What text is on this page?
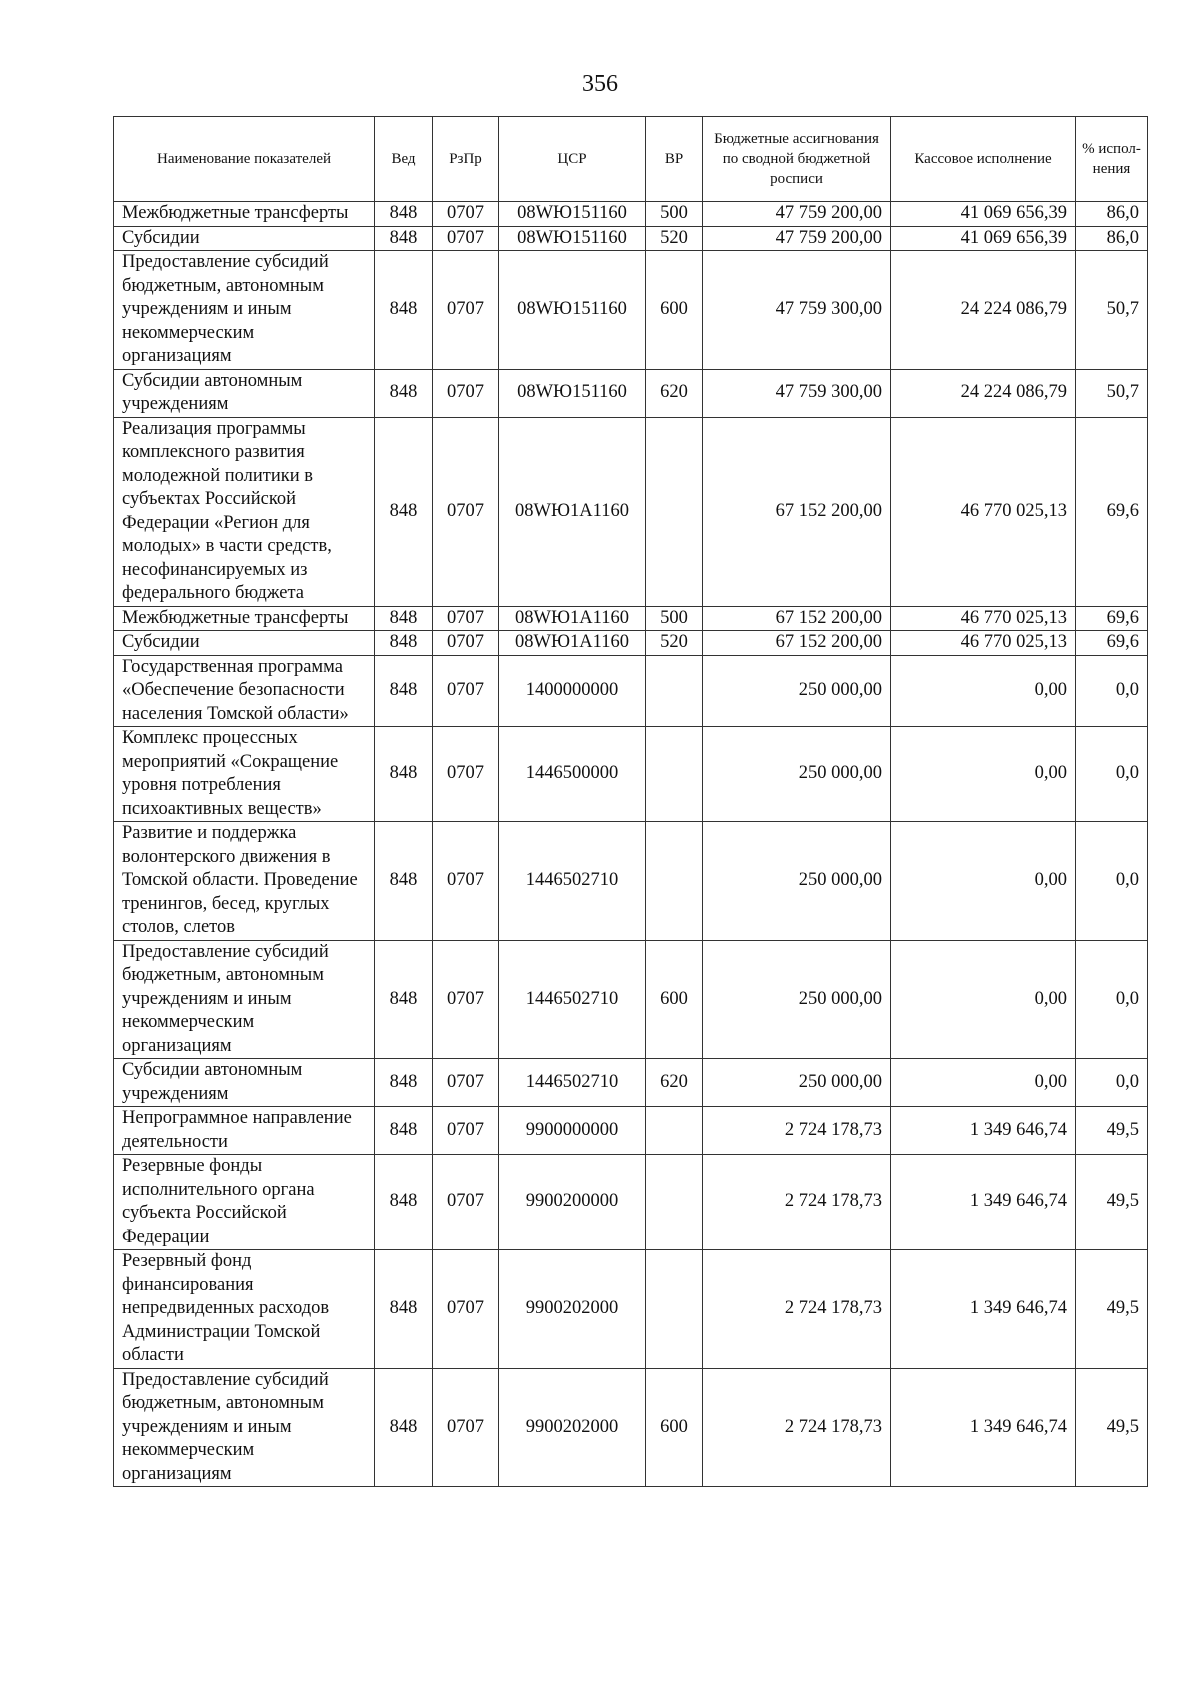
356
Наименование показателей	Вед	РзПр	ЦСР	ВР	Бюджетные ассигнования по сводной бюджетной росписи	Кассовое исполнение	% испол-нения
Межбюджетные трансферты	848	0707	08WЮ151160	500	47 759 200,00	41 069 656,39	86,0
Субсидии	848	0707	08WЮ151160	520	47 759 200,00	41 069 656,39	86,0
Предоставление субсидий бюджетным, автономным учреждениям и иным некоммерческим организациям	848	0707	08WЮ151160	600	47 759 300,00	24 224 086,79	50,7
Субсидии автономным учреждениям	848	0707	08WЮ151160	620	47 759 300,00	24 224 086,79	50,7
Реализация программы комплексного развития молодежной политики в субъектах Российской Федерации «Регион для молодых» в части средств, несофинансируемых из федерального бюджета	848	0707	08WЮ1А1160		67 152 200,00	46 770 025,13	69,6
Межбюджетные трансферты	848	0707	08WЮ1А1160	500	67 152 200,00	46 770 025,13	69,6
Субсидии	848	0707	08WЮ1А1160	520	67 152 200,00	46 770 025,13	69,6
Государственная программа «Обеспечение безопасности населения Томской области»	848	0707	1400000000		250 000,00	0,00	0,0
Комплекс процессных мероприятий «Сокращение уровня потребления психоактивных веществ»	848	0707	1446500000		250 000,00	0,00	0,0
Развитие и поддержка волонтерского движения в Томской области. Проведение тренингов, бесед, круглых столов, слетов	848	0707	1446502710		250 000,00	0,00	0,0
Предоставление субсидий бюджетным, автономным учреждениям и иным некоммерческим организациям	848	0707	1446502710	600	250 000,00	0,00	0,0
Субсидии автономным учреждениям	848	0707	1446502710	620	250 000,00	0,00	0,0
Непрограммное направление деятельности	848	0707	9900000000		2 724 178,73	1 349 646,74	49,5
Резервные фонды исполнительного органа субъекта Российской Федерации	848	0707	9900200000		2 724 178,73	1 349 646,74	49,5
Резервный фонд финансирования непредвиденных расходов Администрации Томской области	848	0707	9900202000		2 724 178,73	1 349 646,74	49,5
Предоставление субсидий бюджетным, автономным учреждениям и иным некоммерческим организациям	848	0707	9900202000	600	2 724 178,73	1 349 646,74	49,5
